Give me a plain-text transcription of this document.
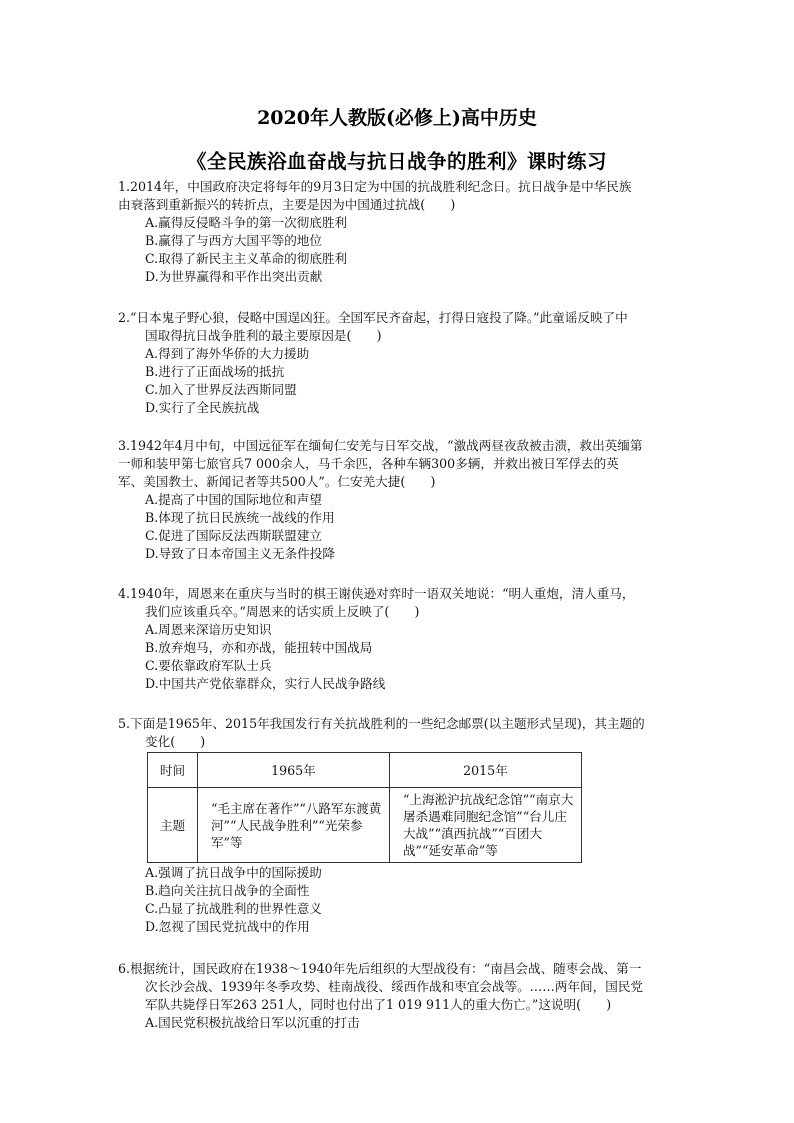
2020年人教版(必修上)高中历史
《全民族浴血奋战与抗日战争的胜利》课时练习
1.2014年，中国政府决定将每年的9月3日定为中国的抗战胜利纪念日。抗日战争是中华民族
由衰落到重新振兴的转折点，主要是因为中国通过抗战(　　)
A.赢得反侵略斗争的第一次彻底胜利
B.赢得了与西方大国平等的地位
C.取得了新民主主义革命的彻底胜利
D.为世界赢得和平作出突出贡献
2.“日本鬼子野心狼，侵略中国逞凶狂。全国军民齐奋起，打得日寇投了降。”此童谣反映了中
国取得抗日战争胜利的最主要原因是(　　)
A.得到了海外华侨的大力援助
B.进行了正面战场的抵抗
C.加入了世界反法西斯同盟
D.实行了全民族抗战
3.1942年4月中旬，中国远征军在缅甸仁安羌与日军交战，“激战两昼夜敌被击溃，救出英缅第
一师和装甲第七旅官兵7 000余人，马千余匹，各种车辆300多辆，并救出被日军俘去的英
军、美国教士、新闻记者等共500人”。仁安羌大捷(　　)
A.提高了中国的国际地位和声望
B.体现了抗日民族统一战线的作用
C.促进了国际反法西斯联盟建立
D.导致了日本帝国主义无条件投降
4.1940年，周恩来在重庆与当时的棋王谢侠逊对弈时一语双关地说：“明人重炮，清人重马，
我们应该重兵卒。”周恩来的话实质上反映了(　　)
A.周恩来深谙历史知识
B.放弃炮马，亦和亦战，能扭转中国战局
C.要依靠政府军队士兵
D.中国共产党依靠群众，实行人民战争路线
5.下面是1965年、2015年我国发行有关抗战胜利的一些纪念邮票(以主题形式呈现)，其主题的
变化(　　)
时间	1965年	2015年
主题	“毛主席在著作”“八路军东渡黄河”“人民战争胜利”“光荣参军”等	“上海淞沪抗战纪念馆”“南京大屠杀遇难同胞纪念馆”“台儿庄大战”“滇西抗战”“百团大战”“延安革命”等
A.强调了抗日战争中的国际援助
B.趋向关注抗日战争的全面性
C.凸显了抗战胜利的世界性意义
D.忽视了国民党抗战中的作用
6.根据统计，国民政府在1938～1940年先后组织的大型战役有：“南昌会战、随枣会战、第一
次长沙会战、1939年冬季攻势、桂南战役、绥西作战和枣宜会战等。……两年间，国民党
军队共毙俘日军263 251人，同时也付出了1 019 911人的重大伤亡。”这说明(　　)
A.国民党积极抗战给日军以沉重的打击
